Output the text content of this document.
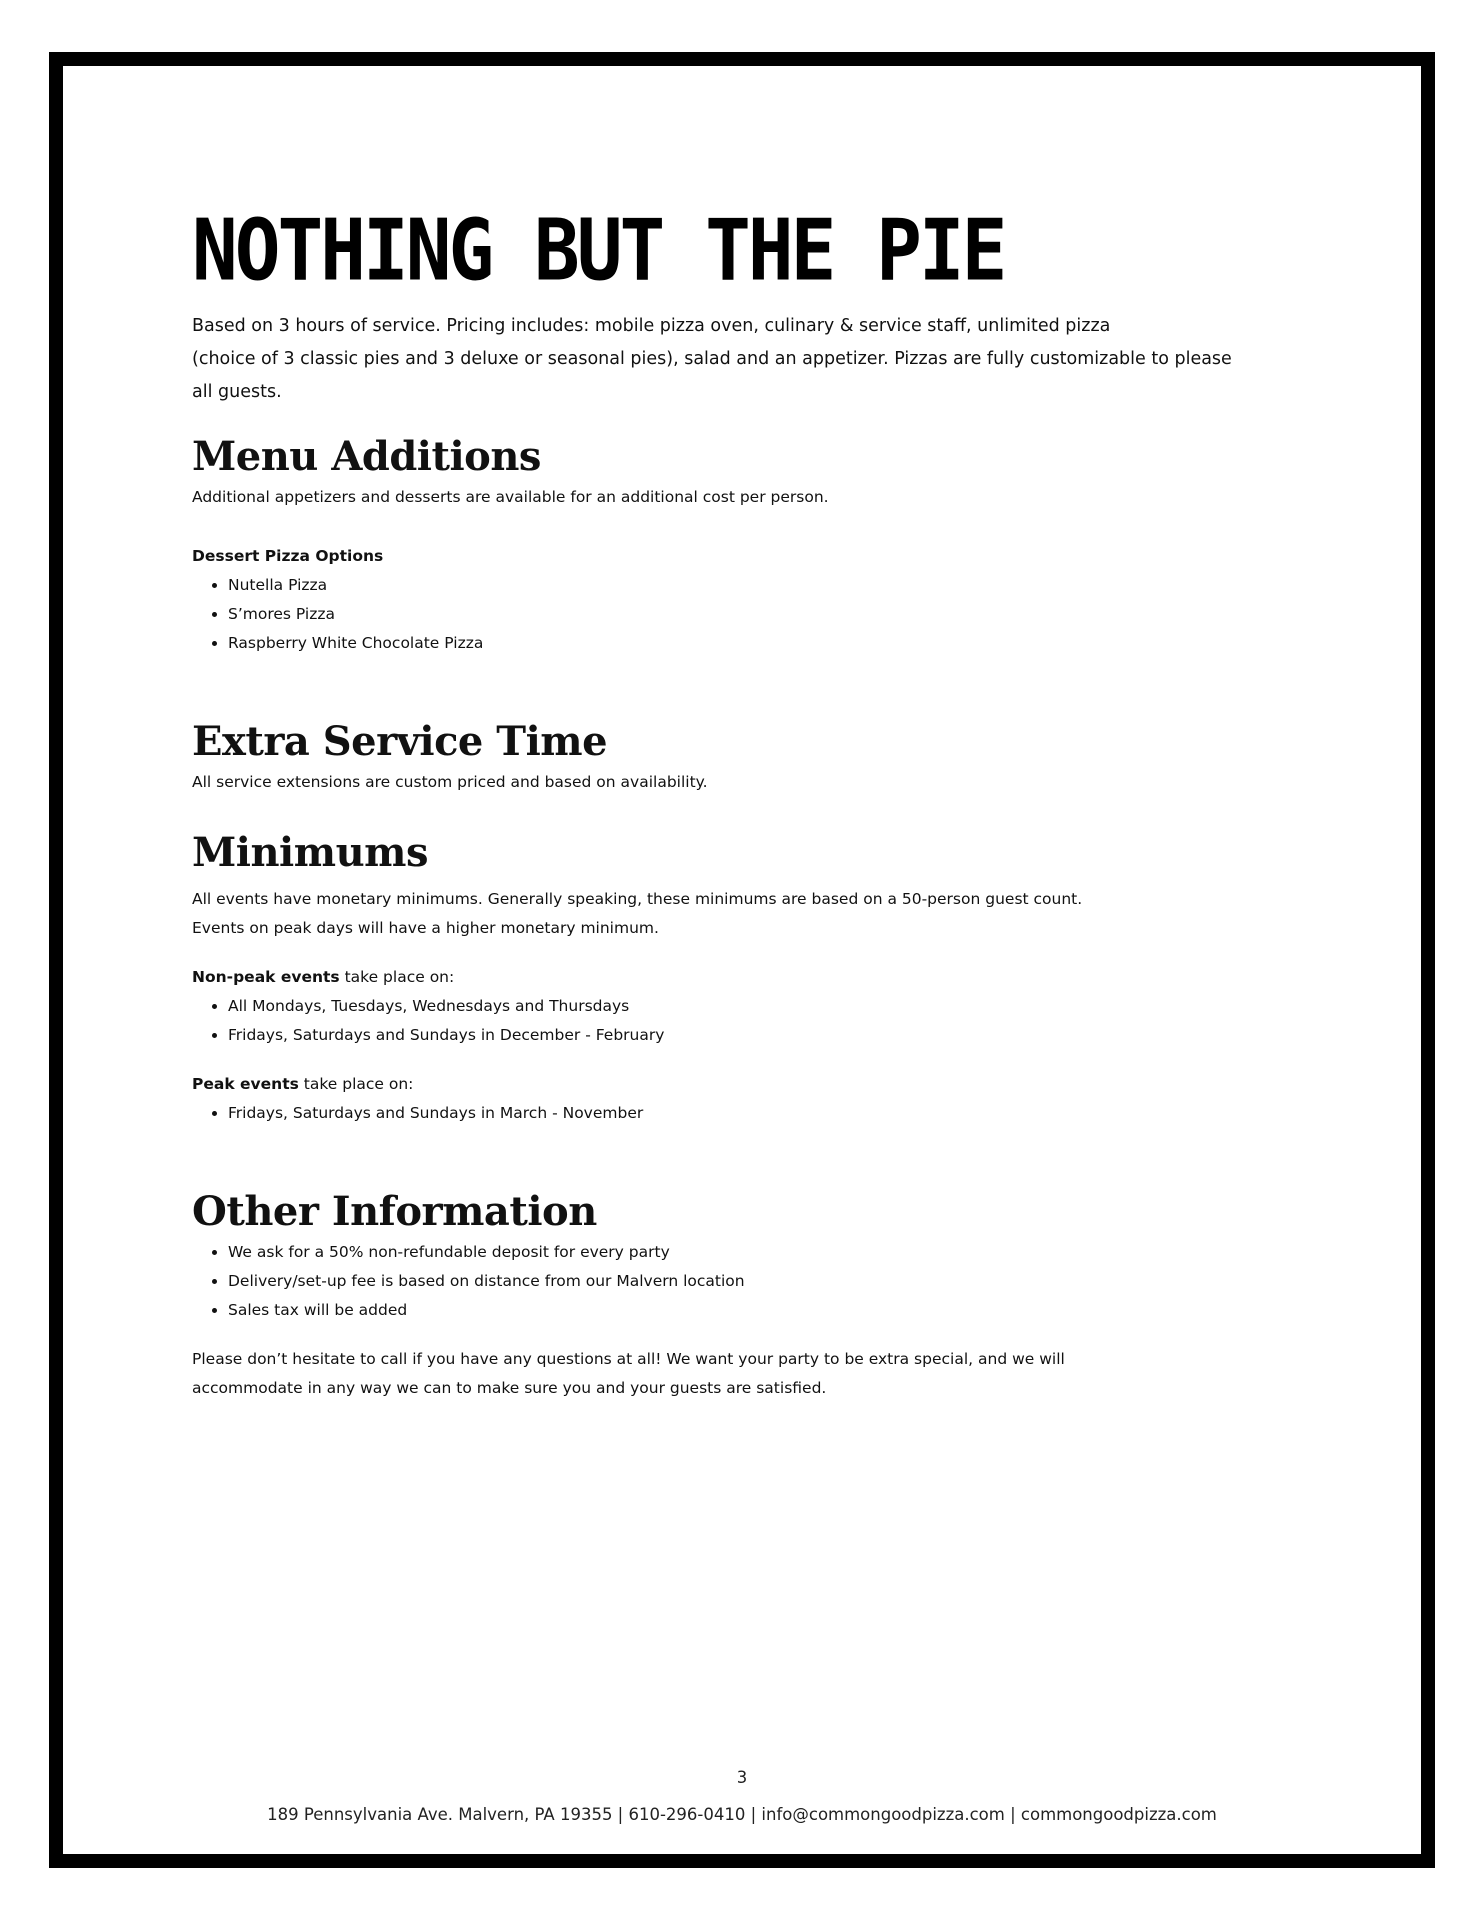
NOTHING BUT THE PIE

Based on 3 hours of service. Pricing includes: mobile pizza oven, culinary & service staff, unlimited pizza
(choice of 3 classic pies and 3 deluxe or seasonal pies), salad and an appetizer. Pizzas are fully customizable to please all guests.

Menu Additions

Additional appetizers and desserts are available for an additional cost per person.

Dessert Pizza Options

• Nutella Pizza
• S’mores Pizza
• Raspberry White Chocolate Pizza
Extra Service Time

All service extensions are custom priced and based on availability.

Minimums

All events have monetary minimums. Generally speaking, these minimums are based on a 50-person guest count.

Events on peak days will have a higher monetary minimum.

Non-peak events take place on:

• All Mondays, Tuesdays, Wednesdays and Thursdays
• Fridays, Saturdays and Sundays in December - February

Peak events take place on:

• Fridays, Saturdays and Sundays in March - November
Other Information
• We ask for a 50% non-refundable deposit for every party
• Delivery/set-up fee is based on distance from our Malvern location
• Sales tax will be added

Please don’t hesitate to call if you have any questions at all! We want your party to be extra special, and we will

accommodate in any way we can to make sure you and your guests are satisfied.

3
189 Pennsylvania Ave. Malvern, PA 19355 | 610-296-0410 | info@commongoodpizza.com | commongoodpizza.com
